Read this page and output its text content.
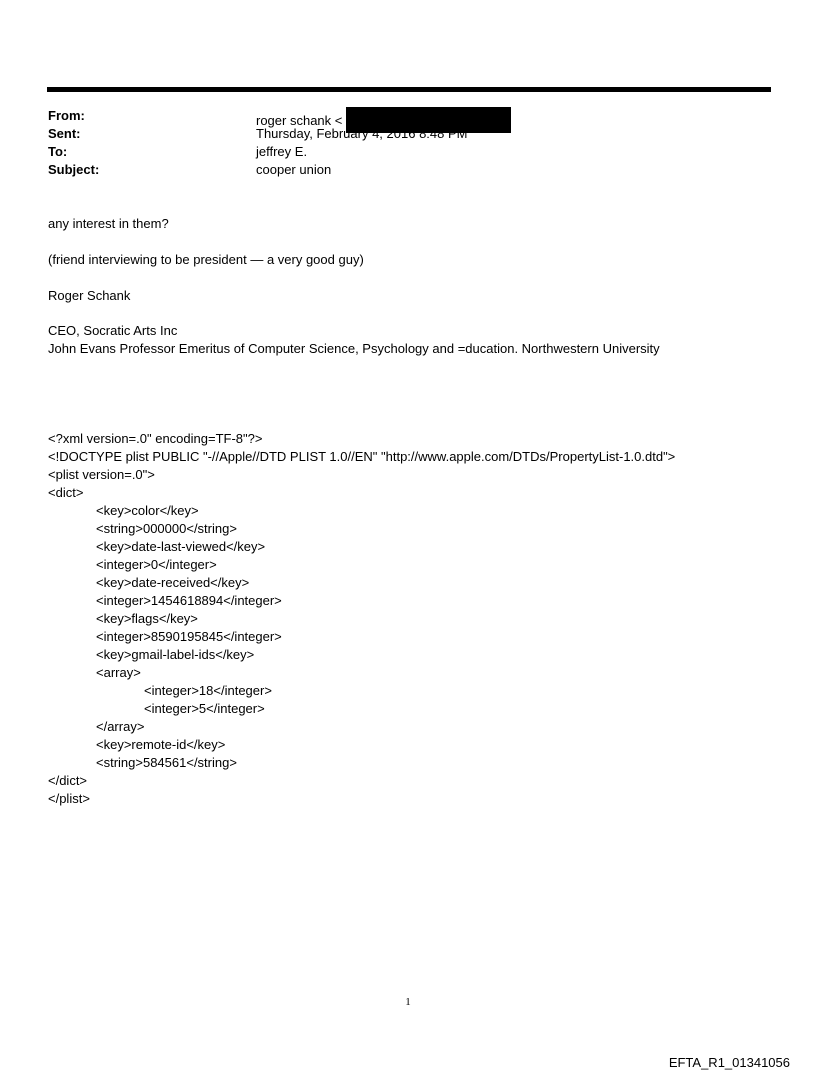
From:	roger schank <
Sent:	Thursday, February 4, 2016 8:48 PM
To:	jeffrey E.
Subject:	cooper union
any interest in them?
(friend interviewing to be president — a very good guy)
Roger Schank
CEO, Socratic Arts Inc
John Evans Professor Emeritus of Computer Science, Psychology and =ducation. Northwestern University
<?xml version=.0" encoding=TF-8"?>
<!DOCTYPE plist PUBLIC "-//Apple//DTD PLIST 1.0//EN" "http://www.apple.com/DTDs/PropertyList-1.0.dtd">
<plist version=.0">
<dict>
<key>color</key>
<string>000000</string>
<key>date-last-viewed</key>
<integer>0</integer>
<key>date-received</key>
<integer>1454618894</integer>
<key>flags</key>
<integer>8590195845</integer>
<key>gmail-label-ids</key>
<array>
<integer>18</integer>
<integer>5</integer>
</array>
<key>remote-id</key>
<string>584561</string>
</dict>
</plist>
1
EFTA_R1_01341056
